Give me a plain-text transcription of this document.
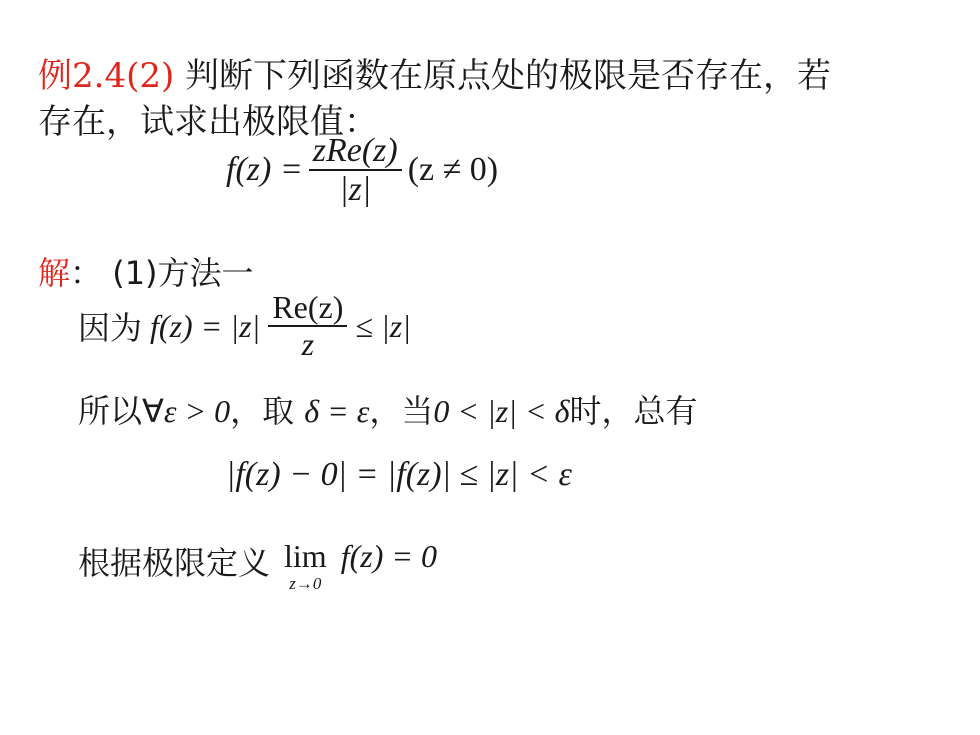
例2.4(2) 判断下列函数在原点处的极限是否存在，若
存在，试求出极限值：
$f(z) = \frac{\text{zRe(z)}}{|z|} (z \ne 0)$
解： (1)方法一
因为 $f(z) = |z| \frac{Re(z)}{z} \le |z|$
所以∀ε > 0，取 δ = ε，当0 < |z| < δ时，总有
|f(z) − 0| = |f(z)| ≤ |z| < ε
根据极限定义 lim
z→0
f(z) = 0
